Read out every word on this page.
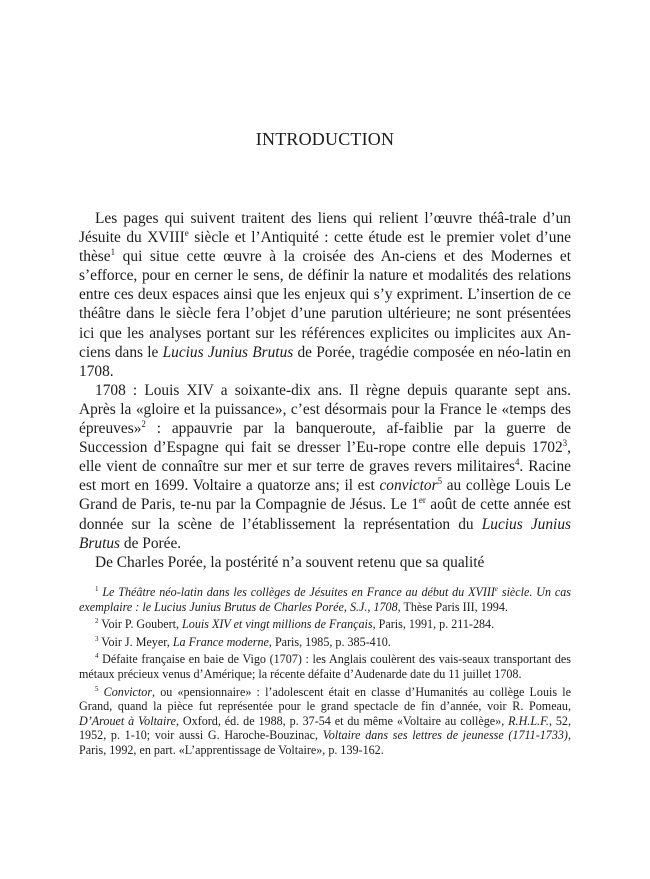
INTRODUCTION

Les pages qui suivent traitent des liens qui relient l’œuvre théâ-trale d’un Jésuite du XVIIIe siècle et l’Antiquité : cette étude est le premier volet d’une thèse$^1$ qui situe cette œuvre à la croisée des An-ciens et des Modernes et s’efforce, pour en cerner le sens, de définir la nature et modalités des relations entre ces deux espaces ainsi que les enjeux qui s’y expriment. L’insertion de ce théâtre dans le siècle fera l’objet d’une parution ultérieure; ne sont présentées ici que les analyses portant sur les références explicites ou implicites aux An-ciens dans le Lucius Junius Brutus de Porée, tragédie composée en néo-latin en 1708.

1708 : Louis XIV a soixante-dix ans. Il règne depuis quarante sept ans. Après la «gloire et la puissance», c’est désormais pour la France le «temps des épreuves»$^2$ : appauvrie par la banqueroute, af-faiblie par la guerre de Succession d’Espagne qui fait se dresser l’Eu-rope contre elle depuis 1702$^3$, elle vient de connaître sur mer et sur terre de graves revers militaires$^4$. Racine est mort en 1699. Voltaire a quatorze ans; il est convictor$^5$ au collège Louis Le Grand de Paris, te-nu par la Compagnie de Jésus. Le 1er août de cette année est donnée sur la scène de l’établissement la représentation du Lucius Junius Brutus de Porée.

De Charles Porée, la postérité n’a souvent retenu que sa qualité

$^1$ Le Théâtre néo-latin dans les collèges de Jésuites en France au début du XVIIIe siècle. Un cas exemplaire : le Lucius Junius Brutus de Charles Porée, S.J., 1708, Thèse Paris III, 1994.

$^2$ Voir P. Goubert, Louis XIV et vingt millions de Français, Paris, 1991, p. 211-284.

$^3$ Voir J. Meyer, La France moderne, Paris, 1985, p. 385-410.

$^4$ Défaite française en baie de Vigo (1707) : les Anglais coulèrent des vais-seaux transportant des métaux précieux venus d’Amérique; la récente défaite d’Audenarde date du 11 juillet 1708.

$^5$ Convictor, ou «pensionnaire» : l’adolescent était en classe d’Humanités au collège Louis le Grand, quand la pièce fut représentée pour le grand spectacle de fin d’année, voir R. Pomeau, D’Arouet à Voltaire, Oxford, éd. de 1988, p. 37-54 et du même «Voltaire au collège», R.H.L.F., 52, 1952, p. 1-10; voir aussi G. Haroche-Bouzinac, Voltaire dans ses lettres de jeunesse (1711-1733), Paris, 1992, en part. «L’apprentissage de Voltaire», p. 139-162.
